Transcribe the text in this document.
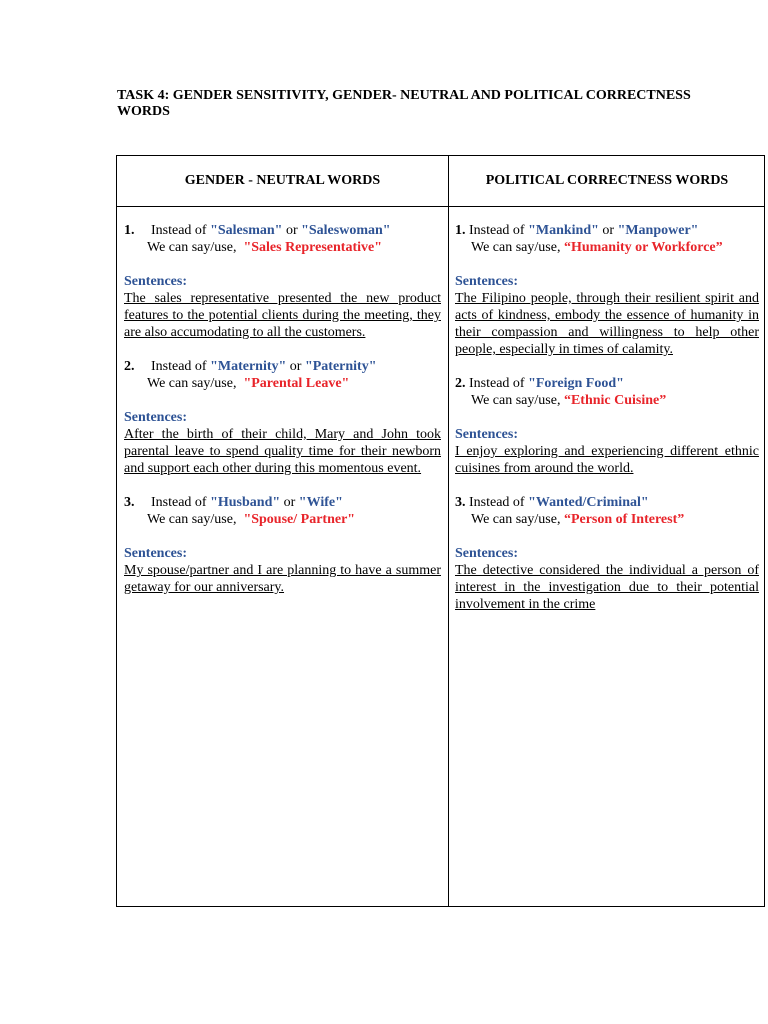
TASK 4: GENDER SENSITIVITY, GENDER- NEUTRAL AND POLITICAL CORRECTNESS WORDS
GENDER - NEUTRAL WORDS	POLITICAL CORRECTNESS WORDS
1. Instead of "Salesman" or "Saleswoman"
We can say/use, "Sales Representative"
Sentences:
The sales representative presented the new product features to the potential clients during the meeting, they are also accumodating to all the customers.
2. Instead of "Maternity" or "Paternity"
We can say/use, "Parental Leave"
Sentences:
After the birth of their child, Mary and John took parental leave to spend quality time for their newborn and support each other during this momentous event.
3. Instead of "Husband" or "Wife"
We can say/use, "Spouse/ Partner"
Sentences:
My spouse/partner and I are planning to have a summer getaway for our anniversary.
1. Instead of "Mankind" or "Manpower"
We can say/use, “Humanity or Workforce”
Sentences:
The Filipino people, through their resilient spirit and acts of kindness, embody the essence of humanity in their compassion and willingness to help other people, especially in times of calamity.
2. Instead of "Foreign Food"
We can say/use, “Ethnic Cuisine”
Sentences:
I enjoy exploring and experiencing different ethnic cuisines from around the world.
3. Instead of "Wanted/Criminal"
We can say/use, “Person of Interest”
Sentences:
The detective considered the individual a person of interest in the investigation due to their potential involvement in the crime
